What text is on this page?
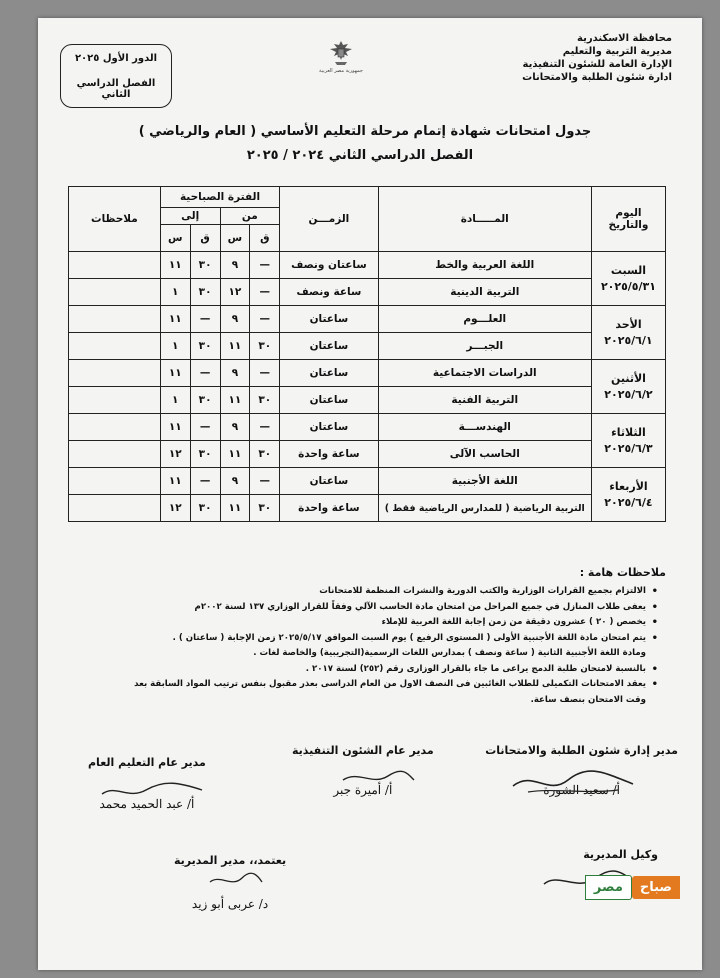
محافظة الاسكندرية
مديرية التربية والتعليم
الإدارة العامة للشئون التنفيذية
ادارة شئون الطلبة والامتحانات
جمهورية مصر العربية
الدور الأول ٢٠٢٥
الفصل الدراسي الثاني
جدول امتحانات شهادة إتمام مرحلة التعليم الأساسي ( العام والرياضي )
الفصل الدراسي الثاني ٢٠٢٤ / ٢٠٢٥
اليوم
والتاريخ	المـــــادة	الزمـــن	الفترة الصباحية				ملاحظات
			من		إلى		
			ق	س	ق	س	

السبت
٢٠٢٥/٥/٣١	اللغة العربية والخط	ساعتان ونصف	—	٩	٣٠	١١	
	التربية الدينية	ساعة ونصف	—	١٢	٣٠	١	

الأحد
٢٠٢٥/٦/١	العلـــوم	ساعتان	—	٩	—	١١	
	الجبـــر	ساعتان	٣٠	١١	٣٠	١	

الأثنين
٢٠٢٥/٦/٢	الدراسات الاجتماعية	ساعتان	—	٩	—	١١	
	التربية الفنية	ساعتان	٣٠	١١	٣٠	١	

الثلاثاء
٢٠٢٥/٦/٣	الهندســـة	ساعتان	—	٩	—	١١	
	الحاسب الآلى	ساعة واحدة	٣٠	١١	٣٠	١٢	

الأربعاء
٢٠٢٥/٦/٤	اللغة الأجنبية	ساعتان	—	٩	—	١١	
	التربية الرياضية ( للمدارس الرياضية فقط )	ساعة واحدة	٣٠	١١	٣٠	١٢	
ملاحظات هامة :
• الالتزام بجميع القرارات الوزارية والكتب الدورية والنشرات المنظمة للامتحانات
• يعفى طلاب المنازل في جميع المراحل من امتحان مادة الحاسب الآلي وفقاً للقرار الوزاري ١٣٧ لسنة ٢٠٠٢م
• يخصص ( ٢٠ ) عشرون دقيقة من زمن إجابة اللغة العربية للإملاء
• يتم امتحان مادة اللغة الأجنبية الأولى ( المستوى الرفيع ) يوم السبت الموافق ٢٠٢٥/٥/١٧ زمن الإجابة ( ساعتان ) .
ومادة اللغة الأجنبية الثانية ( ساعة ونصف ) بمدارس اللغات الرسمية(التجريبية) والخاصة لغات .
• بالنسبة لامتحان طلبة الدمج يراعى ما جاء بالقرار الوزارى رقم (٢٥٢) لسنة ٢٠١٧ .
• يعقد الامتحانات التكميلى للطلاب الغائبين فى النصف الاول من العام الدراسى بعذر مقبول بنفس ترتيب المواد السابقة بعد
وقت الامتحان بنصف ساعة.
مدير إدارة شئون الطلبة والامتحانات
أ/ سعيد الشورة
مدير عام الشئون التنفيذية
أ/ أميرة جبر
مدير عام التعليم العام
أ/ عبد الحميد محمد
وكيل المديرية
يعتمد،، مدير المديرية
د/ عربى أبو زيد
صباح
مصر
